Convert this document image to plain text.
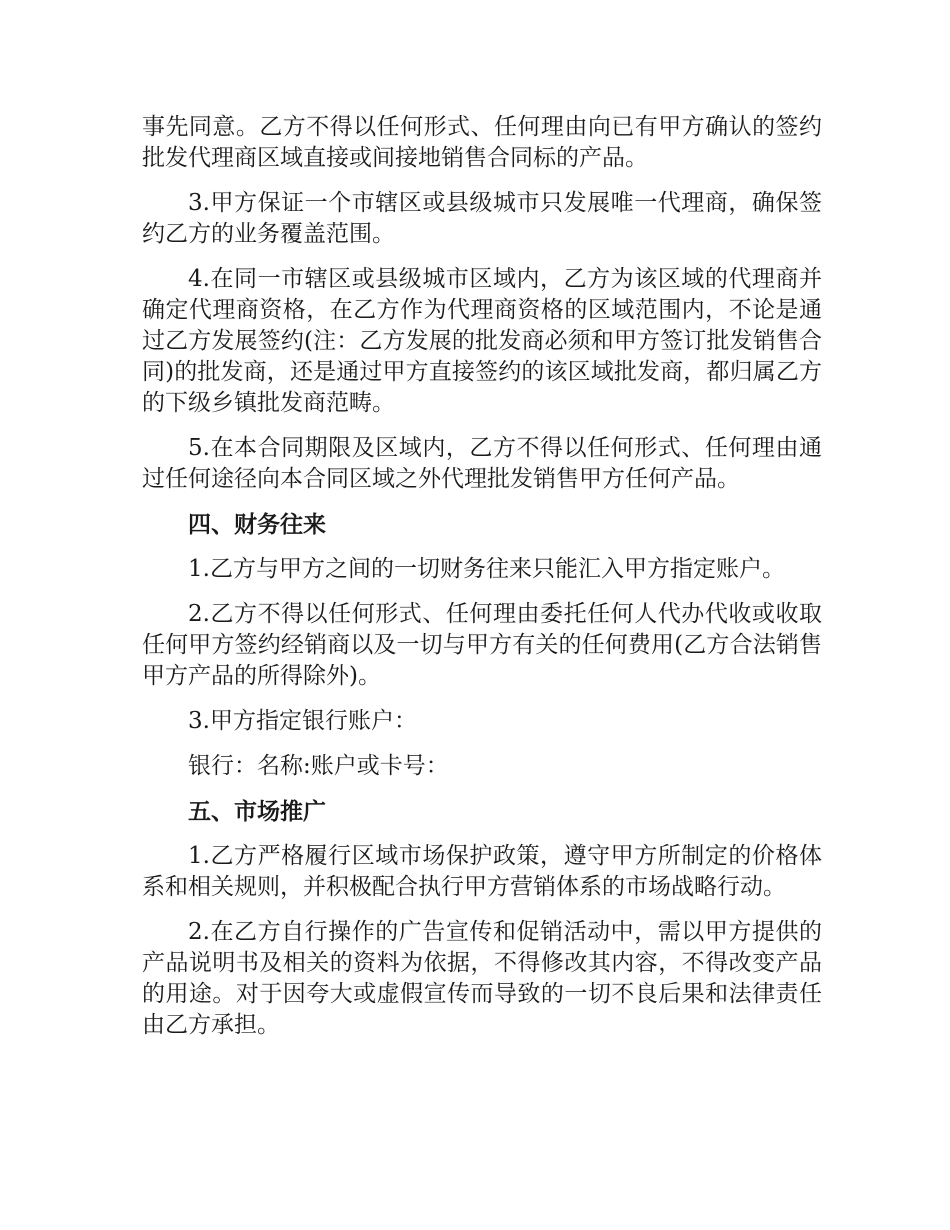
事先同意。乙方不得以任何形式、任何理由向已有甲方确认的签约批发代理商区域直接或间接地销售合同标的产品。

3.甲方保证一个市辖区或县级城市只发展唯一代理商，确保签约乙方的业务覆盖范围。

4.在同一市辖区或县级城市区域内，乙方为该区域的代理商并确定代理商资格，在乙方作为代理商资格的区域范围内，不论是通过乙方发展签约(注：乙方发展的批发商必须和甲方签订批发销售合同)的批发商，还是通过甲方直接签约的该区域批发商，都归属乙方的下级乡镇批发商范畴。

5.在本合同期限及区域内，乙方不得以任何形式、任何理由通过任何途径向本合同区域之外代理批发销售甲方任何产品。

四、财务往来

1.乙方与甲方之间的一切财务往来只能汇入甲方指定账户。

2.乙方不得以任何形式、任何理由委托任何人代办代收或收取任何甲方签约经销商以及一切与甲方有关的任何费用(乙方合法销售甲方产品的所得除外)。

3.甲方指定银行账户：

银行：名称:账户或卡号：

五、市场推广

1.乙方严格履行区域市场保护政策，遵守甲方所制定的价格体系和相关规则，并积极配合执行甲方营销体系的市场战略行动。

2.在乙方自行操作的广告宣传和促销活动中，需以甲方提供的产品说明书及相关的资料为依据，不得修改其内容，不得改变产品的用途。对于因夸大或虚假宣传而导致的一切不良后果和法律责任由乙方承担。
